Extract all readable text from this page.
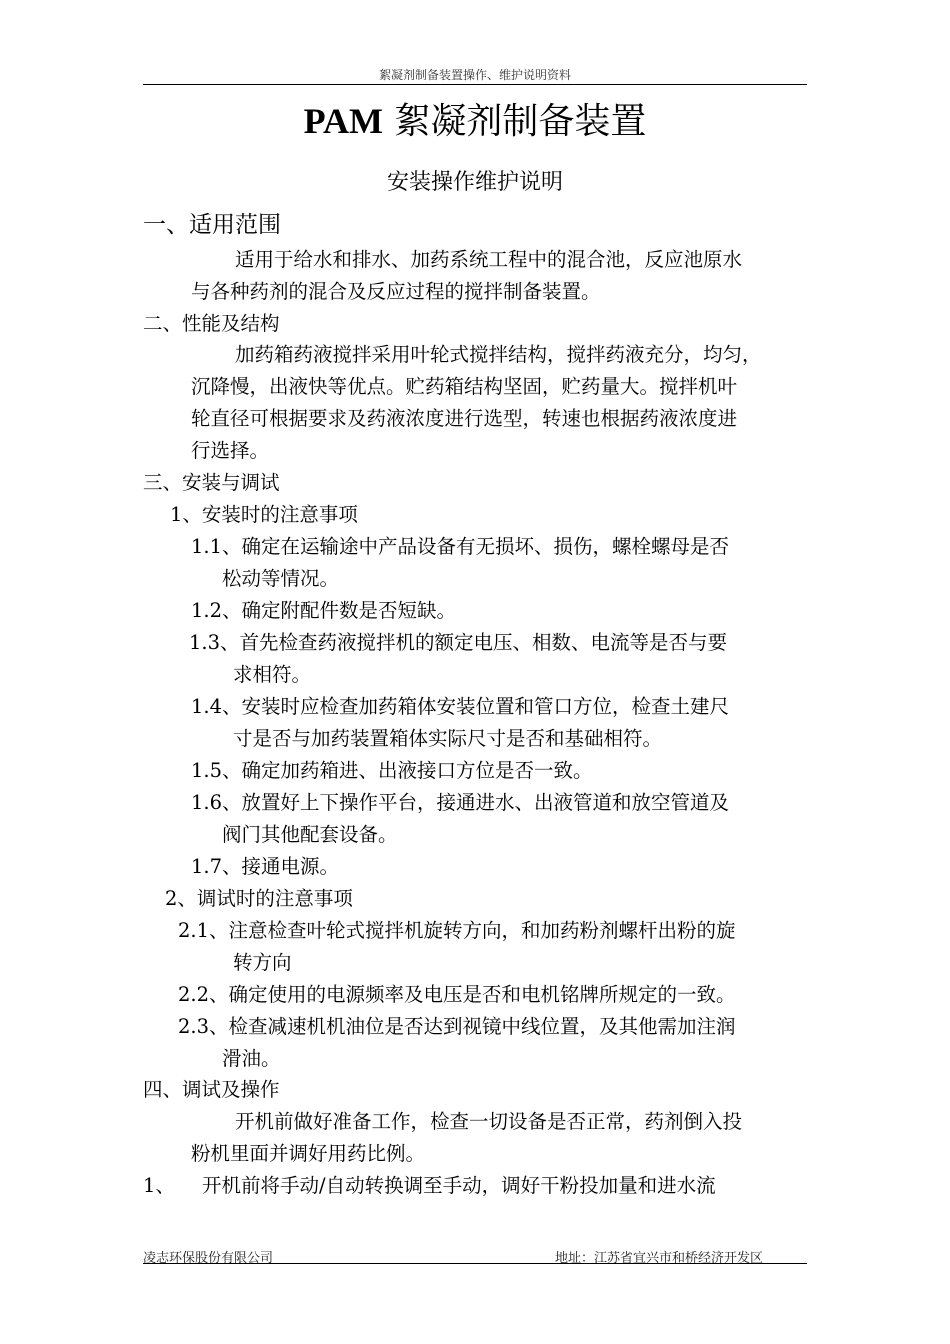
絮凝剂制备装置操作、维护说明资料
PAM 絮凝剂制备装置
安装操作维护说明
一、适用范围
适用于给水和排水、加药系统工程中的混合池，反应池原水
与各种药剂的混合及反应过程的搅拌制备装置。
二、性能及结构
加药箱药液搅拌采用叶轮式搅拌结构，搅拌药液充分，均匀，
沉降慢，出液快等优点。贮药箱结构坚固，贮药量大。搅拌机叶
轮直径可根据要求及药液浓度进行选型，转速也根据药液浓度进
行选择。
三、安装与调试
1、安装时的注意事项
1.1、确定在运输途中产品设备有无损坏、损伤，螺栓螺母是否
松动等情况。
1.2、确定附配件数是否短缺。
1.3、首先检查药液搅拌机的额定电压、相数、电流等是否与要
求相符。
1.4、安装时应检查加药箱体安装位置和管口方位，检查土建尺
寸是否与加药装置箱体实际尺寸是否和基础相符。
1.5、确定加药箱进、出液接口方位是否一致。
1.6、放置好上下操作平台，接通进水、出液管道和放空管道及
阀门其他配套设备。
1.7、接通电源。
2、调试时的注意事项
2.1、注意检查叶轮式搅拌机旋转方向，和加药粉剂螺杆出粉的旋
转方向
2.2、确定使用的电源频率及电压是否和电机铭牌所规定的一致。
2.3、检查减速机机油位是否达到视镜中线位置，及其他需加注润
滑油。
四、调试及操作
开机前做好准备工作，检查一切设备是否正常，药剂倒入投
粉机里面并调好用药比例。
1、 开机前将手动/自动转换调至手动，调好干粉投加量和进水流
凌志环保股份有限公司	地址：江苏省宜兴市和桥经济开发区
